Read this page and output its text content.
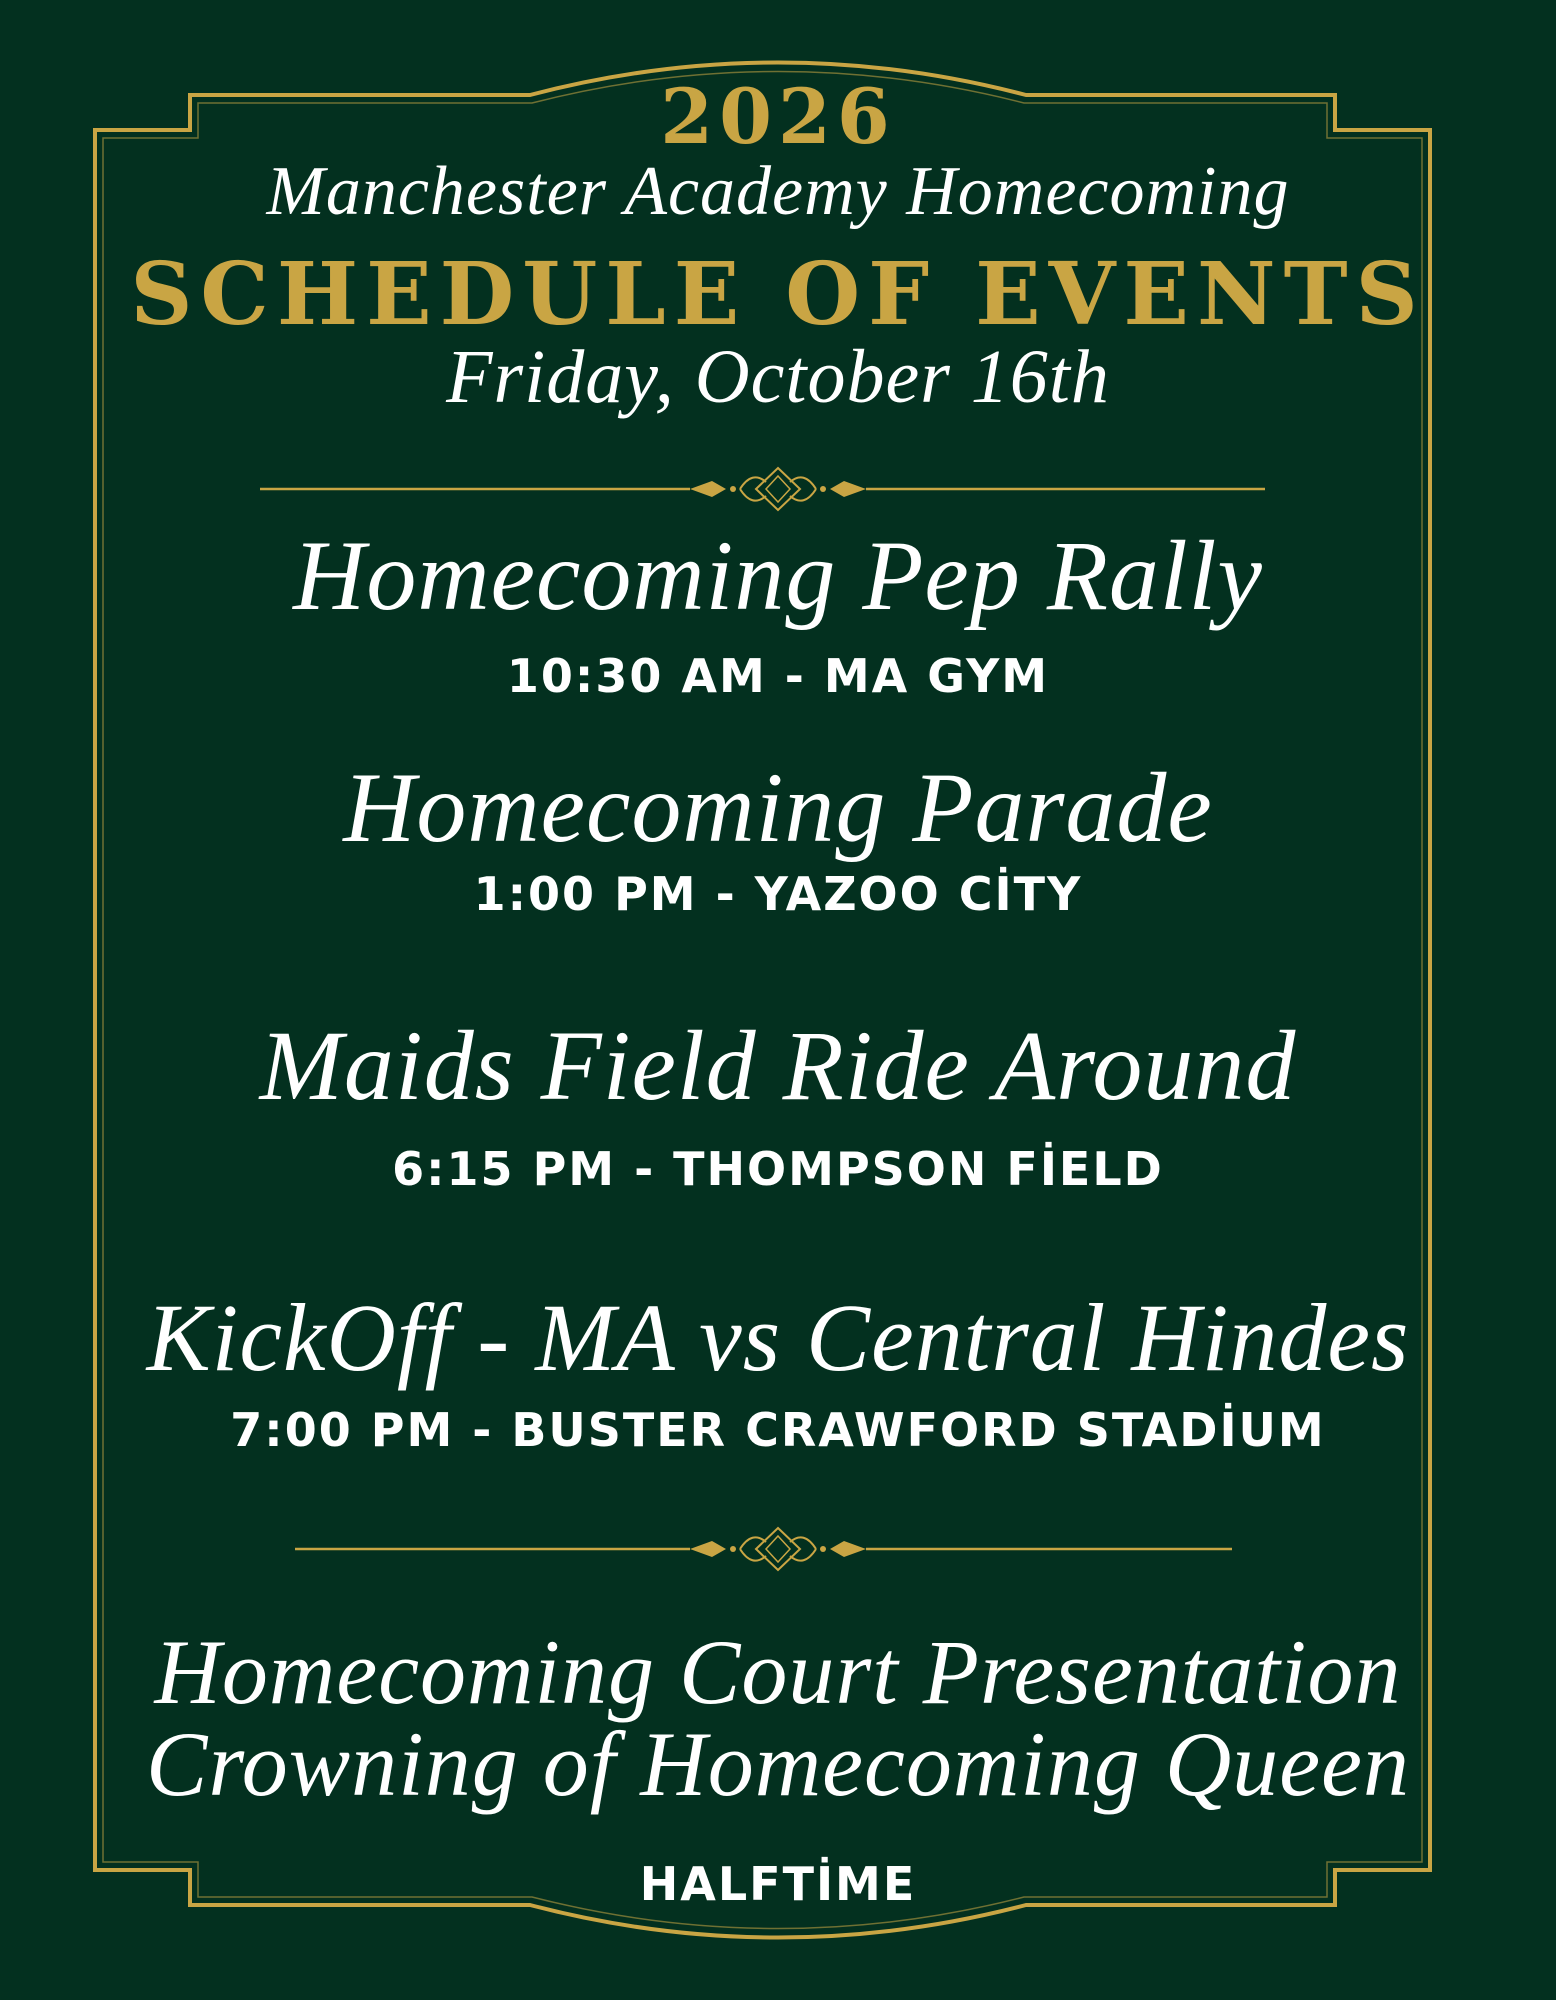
2026
Manchester Academy Homecoming
SCHEDULE OF EVENTS
Friday, October 16th
Homecoming Pep Rally
10:30 AM - MA GYM
Homecoming Parade
1:00 PM - YAZOO CİTY
Maids Field Ride Around
6:15 PM - THOMPSON FİELD
KickOff - MA vs Central Hindes
7:00 PM - BUSTER CRAWFORD STADİUM
Homecoming Court Presentation
Crowning of Homecoming Queen
HALFTİME
